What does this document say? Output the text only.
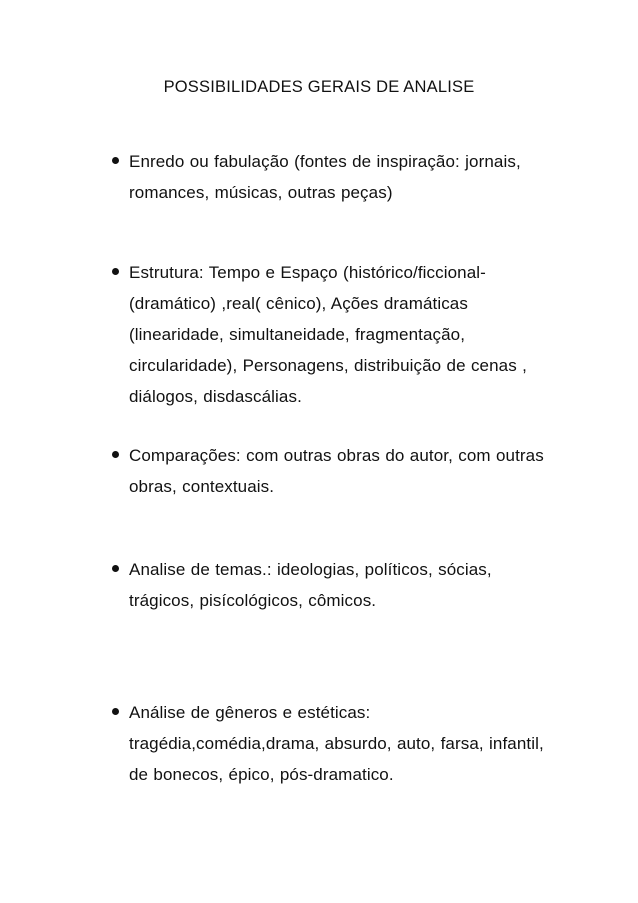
POSSIBILIDADES GERAIS DE ANALISE
Enredo ou fabulação (fontes de inspiração: jornais, romances, músicas, outras peças)
Estrutura: Tempo e Espaço (histórico/ficcional-(dramático) ,real( cênico), Ações dramáticas (linearidade, simultaneidade, fragmentação, circularidade), Personagens, distribuição de cenas , diálogos, disdascálias.
Comparações: com outras obras do autor, com outras obras, contextuais.
Analise de temas.: ideologias, políticos, sócias, trágicos, pisícológicos, cômicos.
Análise de gêneros e estéticas: tragédia,comédia,drama, absurdo, auto, farsa, infantil, de bonecos, épico, pós-dramatico.
